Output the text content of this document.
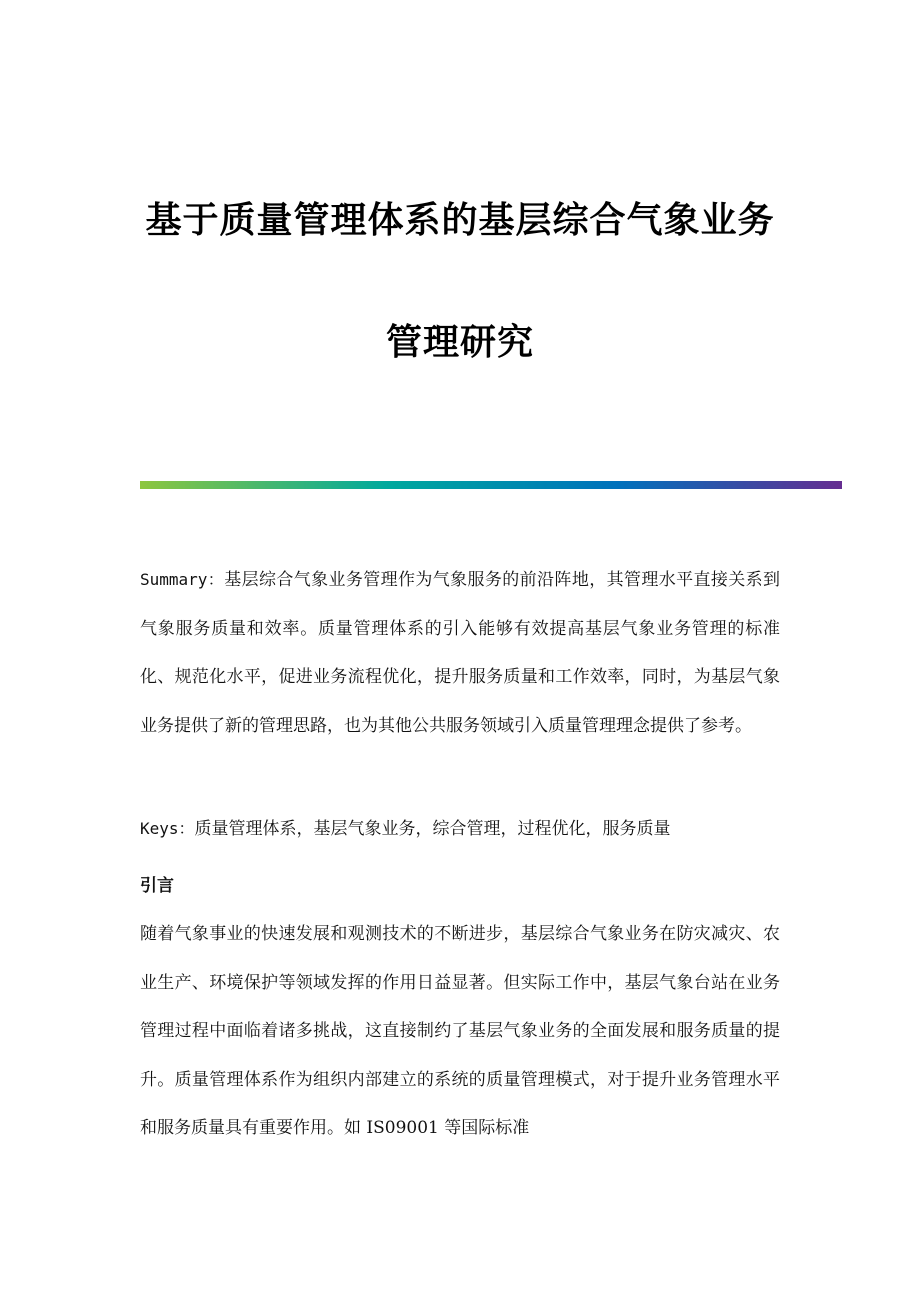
基于质量管理体系的基层综合气象业务
管理研究

Summary：基层综合气象业务管理作为气象服务的前沿阵地，其管理水平直接关系到气象服务质量和效率。质量管理体系的引入能够有效提高基层气象业务管理的标准化、规范化水平，促进业务流程优化，提升服务质量和工作效率，同时，为基层气象业务提供了新的管理思路，也为其他公共服务领域引入质量管理理念提供了参考。

Keys：质量管理体系，基层气象业务，综合管理，过程优化，服务质量

引言

随着气象事业的快速发展和观测技术的不断进步，基层综合气象业务在防灾减灾、农业生产、环境保护等领域发挥的作用日益显著。但实际工作中，基层气象台站在业务管理过程中面临着诸多挑战，这直接制约了基层气象业务的全面发展和服务质量的提升。质量管理体系作为组织内部建立的系统的质量管理模式，对于提升业务管理水平和服务质量具有重要作用。如 IS09001 等国际标准
